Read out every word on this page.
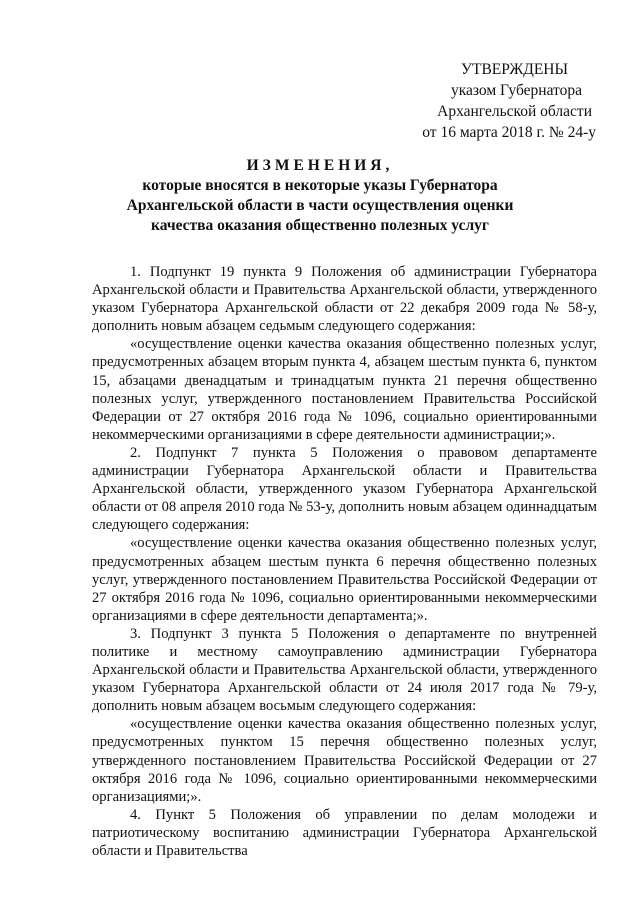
УТВЕРЖДЕНЫ
указом Губернатора
Архангельской области
от 16 марта 2018 г. № 24-у
ИЗМЕНЕНИЯ,
которые вносятся в некоторые указы Губернатора
Архангельской области в части осуществления оценки
качества оказания общественно полезных услуг

1. Подпункт 19 пункта 9 Положения об администрации Губернатора Архангельской области и Правительства Архангельской области, утвержденного указом Губернатора Архангельской области от 22 декабря 2009 года № 58-у, дополнить новым абзацем седьмым следующего содержания:

«осуществление оценки качества оказания общественно полезных услуг, предусмотренных абзацем вторым пункта 4, абзацем шестым пункта 6, пунктом 15, абзацами двенадцатым и тринадцатым пункта 21 перечня общественно полезных услуг, утвержденного постановлением Правительства Российской Федерации от 27 октября 2016 года № 1096, социально ориентированными некоммерческими организациями в сфере деятельности администрации;».

2. Подпункт 7 пункта 5 Положения о правовом департаменте администрации Губернатора Архангельской области и Правительства Архангельской области, утвержденного указом Губернатора Архангельской области от 08 апреля 2010 года № 53-у, дополнить новым абзацем одиннадцатым следующего содержания:

«осуществление оценки качества оказания общественно полезных услуг, предусмотренных абзацем шестым пункта 6 перечня общественно полезных услуг, утвержденного постановлением Правительства Российской Федерации от 27 октября 2016 года № 1096, социально ориентированными некоммерческими организациями в сфере деятельности департамента;».

3. Подпункт 3 пункта 5 Положения о департаменте по внутренней политике и местному самоуправлению администрации Губернатора Архангельской области и Правительства Архангельской области, утвержденного указом Губернатора Архангельской области от 24 июля 2017 года № 79-у, дополнить новым абзацем восьмым следующего содержания:

«осуществление оценки качества оказания общественно полезных услуг, предусмотренных пунктом 15 перечня общественно полезных услуг, утвержденного постановлением Правительства Российской Федерации от 27 октября 2016 года № 1096, социально ориентированными некоммерческими организациями;».

4. Пункт 5 Положения об управлении по делам молодежи и патриотическому воспитанию администрации Губернатора Архангельской области и Правительства
